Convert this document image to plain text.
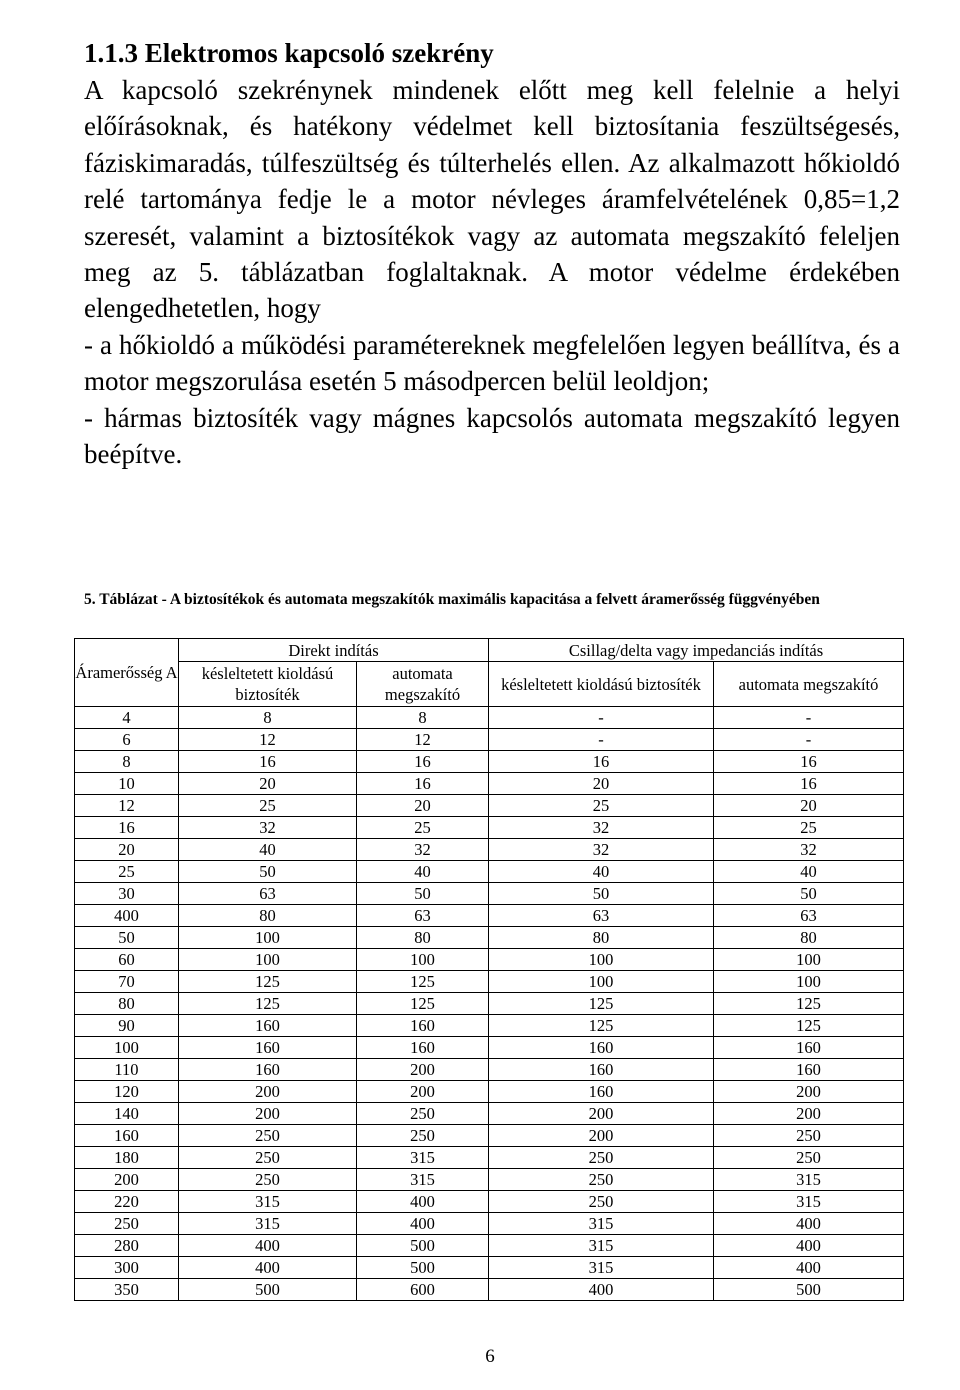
1.1.3 Elektromos kapcsoló szekrény

A kapcsoló szekrénynek mindenek előtt meg kell felelnie a helyi előírásoknak, és hatékony védelmet kell biztosítania feszültségesés, fáziskimaradás, túlfeszültség és túlterhelés ellen. Az alkalmazott hőkioldó relé tartománya fedje le a motor névleges áramfelvételének 0,85=1,2 szeresét, valamint a biztosítékok vagy az automata megszakító feleljen meg az 5. táblázatban foglaltaknak. A motor védelme érdekében elengedhetetlen, hogy

- a hőkioldó a működési paramétereknek megfelelően legyen beállítva, és a motor megszorulása esetén 5 másodpercen belül leoldjon;

- hármas biztosíték vagy mágnes kapcsolós automata megszakító legyen beépítve.

5. Táblázat - A biztosítékok és automata megszakítók maximális kapacitása a felvett áramerősség függvényében

Áramerősség A	Direkt indítás		Csillag/delta vagy impedanciás indítás	
	késleltetett kioldású biztosíték	automata megszakító	késleltetett kioldású biztosíték	automata megszakító
4	8	8	-	-
6	12	12	-	-
8	16	16	16	16
10	20	16	20	16
12	25	20	25	20
16	32	25	32	25
20	40	32	32	32
25	50	40	40	40
30	63	50	50	50
400	80	63	63	63
50	100	80	80	80
60	100	100	100	100
70	125	125	100	100
80	125	125	125	125
90	160	160	125	125
100	160	160	160	160
110	160	200	160	160
120	200	200	160	200
140	200	250	200	200
160	250	250	200	250
180	250	315	250	250
200	250	315	250	315
220	315	400	250	315
250	315	400	315	400
280	400	500	315	400
300	400	500	315	400
350	500	600	400	500

6
